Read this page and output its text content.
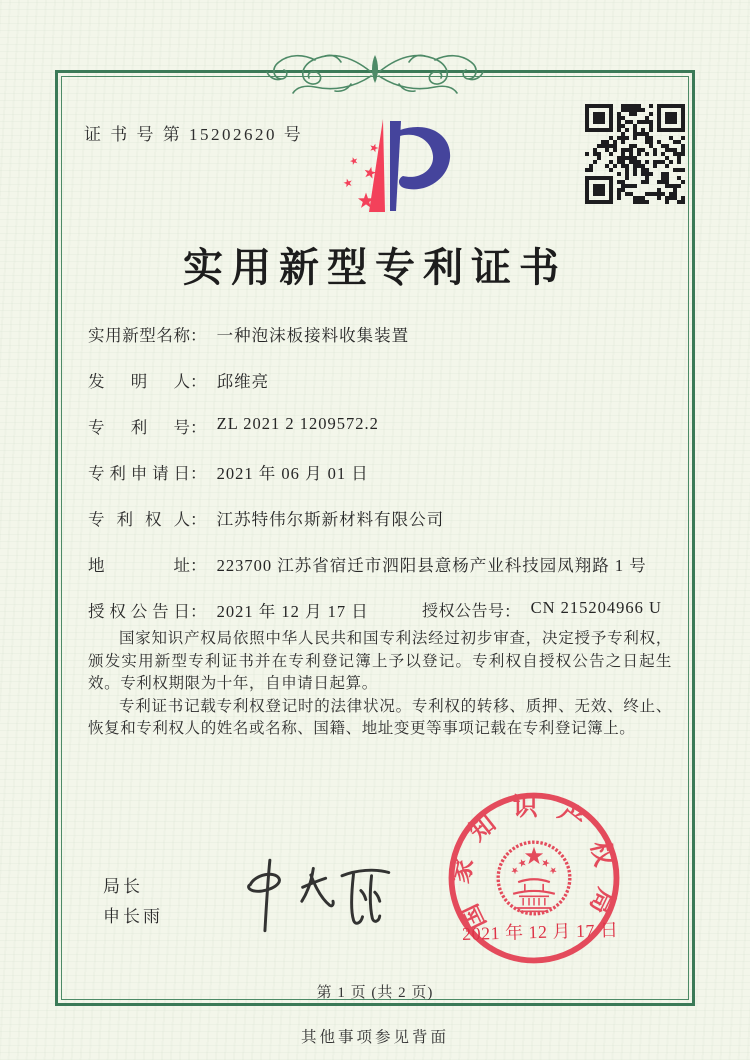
证 书 号 第 15202620 号
实用新型专利证书
实用新型名称： 一种泡沫板接料收集装置
发明人： 邱维亮
专利号： ZL 2021 2 1209572.2
专利申请日： 2021 年 06 月 01 日
专利权人： 江苏特伟尔斯新材料有限公司
地址： 223700 江苏省宿迁市泗阳县意杨产业科技园凤翔路 1 号
授权公告日： 2021 年 12 月 17 日	授权公告号： CN 215204966 U

国家知识产权局依照中华人民共和国专利法经过初步审查，决定授予专利权，颁发实用新型专利证书并在专利登记簿上予以登记。专利权自授权公告之日起生效。专利权期限为十年，自申请日起算。

专利证书记载专利权登记时的法律状况。专利权的转移、质押、无效、终止、恢复和专利权人的姓名或名称、国籍、地址变更等事项记载在专利登记簿上。

局长
申长雨	国家知识产权局
2021 年 12 月 17 日
第 1 页 (共 2 页)
其他事项参见背面
